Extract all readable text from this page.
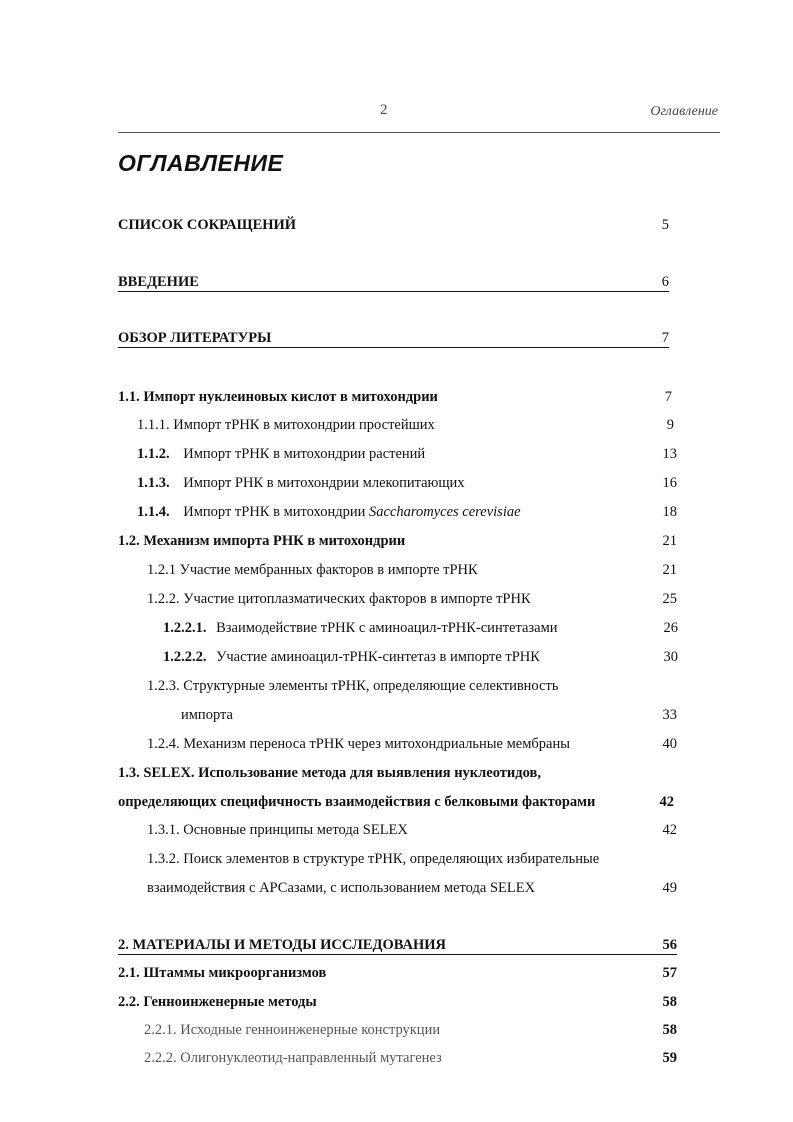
2	Оглавление
ОГЛАВЛЕНИЕ
СПИСОК СОКРАЩЕНИЙ	5
ВВЕДЕНИЕ	6
ОБЗОР ЛИТЕРАТУРЫ	7
1.1. Импорт нуклеиновых кислот в митохондрии	7
1.1.1. Импорт тРНК в митохондрии простейших	9
1.1.2. Импорт тРНК в митохондрии растений	13
1.1.3. Импорт РНК в митохондрии млекопитающих	16
1.1.4. Импорт тРНК в митохондрии Saccharomyces cerevisiae	18
1.2. Механизм импорта РНК в митохондрии	21
1.2.1 Участие мембранных факторов в импорте тРНК	21
1.2.2. Участие цитоплазматических факторов в импорте тРНК	25
1.2.2.1. Взаимодействие тРНК с аминоацил-тРНК-синтетазами	26
1.2.2.2. Участие аминоацил-тРНК-синтетаз в импорте тРНК	30
1.2.3. Структурные элементы тРНК, определяющие селективность
импорта	33
1.2.4. Механизм переноса тРНК через митохондриальные мембраны	40
1.3. SELEX. Использование метода для выявления нуклеотидов,
определяющих специфичность взаимодействия с белковыми факторами	42
1.3.1. Основные принципы метода SELEX	42
1.3.2. Поиск элементов в структуре тРНК, определяющих избирательные
взаимодействия с АРСазами, с использованием метода SELEX	49
2. МАТЕРИАЛЫ И МЕТОДЫ ИССЛЕДОВАНИЯ	56
2.1. Штаммы микроорганизмов	57
2.2. Генноинженерные методы	58
2.2.1. Исходные генноинженерные конструкции	58
2.2.2. Олигонуклеотид-направленный мутагенез	59
